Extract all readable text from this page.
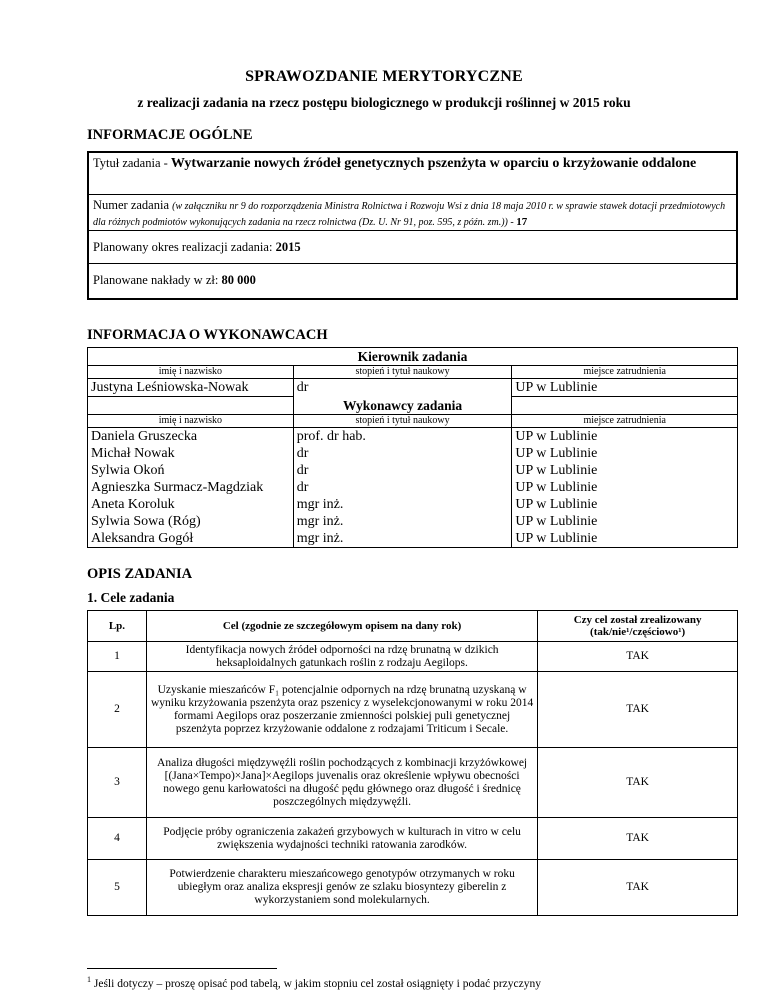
SPRAWOZDANIE MERYTORYCZNE
z realizacji zadania na rzecz postępu biologicznego w produkcji roślinnej w 2015 roku
INFORMACJE OGÓLNE
Tytuł zadania - Wytwarzanie nowych źródeł genetycznych pszenżyta w oparciu o krzyżowanie oddalone
Numer zadania (w załączniku nr 9 do rozporządzenia Ministra Rolnictwa i Rozwoju Wsi z dnia 18 maja 2010 r. w sprawie stawek dotacji przedmiotowych dla różnych podmiotów wykonujących zadania na rzecz rolnictwa (Dz. U. Nr 91, poz. 595, z późn. zm.)) - 17
Planowany okres realizacji zadania: 2015
Planowane nakłady w zł: 80 000
INFORMACJA O WYKONAWCACH
Kierownik zadania		
imię i nazwisko	stopień i tytuł naukowy	miejsce zatrudnienia
Justyna Leśniowska-Nowak	dr	UP w Lublinie
	Wykonawcy zadania	
imię i nazwisko	stopień i tytuł naukowy	miejsce zatrudnienia
Daniela Gruszecka	prof. dr hab.	UP w Lublinie
Michał Nowak	dr	UP w Lublinie
Sylwia Okoń	dr	UP w Lublinie
Agnieszka Surmacz-Magdziak	dr	UP w Lublinie
Aneta Koroluk	mgr inż.	UP w Lublinie
Sylwia Sowa (Róg)	mgr inż.	UP w Lublinie
Aleksandra Gogół	mgr inż.	UP w Lublinie
OPIS ZADANIA
1. Cele zadania
Lp.	Cel (zgodnie ze szczegółowym opisem na dany rok)	Czy cel został zrealizowany (tak/nie¹/częściowo¹)
1	Identyfikacja nowych źródeł odporności na rdzę brunatną w dzikich heksaploidalnych gatunkach roślin z rodzaju Aegilops.	TAK
2	Uzyskanie mieszańców F₁ potencjalnie odpornych na rdzę brunatną uzyskaną w wyniku krzyżowania pszenżyta oraz pszenicy z wyselekcjonowanymi w roku 2014 formami Aegilops oraz poszerzanie zmienności polskiej puli genetycznej pszenżyta poprzez krzyżowanie oddalone z rodzajami Triticum i Secale.	TAK
3	Analiza długości międzywęźli roślin pochodzących z kombinacji krzyżówkowej [(Jana×Tempo)×Jana]×Aegilops juvenalis oraz określenie wpływu obecności nowego genu karłowatości na długość pędu głównego oraz długość i średnicę poszczególnych międzywęźli.	TAK
4	Podjęcie próby ograniczenia zakażeń grzybowych w kulturach in vitro w celu zwiększenia wydajności techniki ratowania zarodków.	TAK
5	Potwierdzenie charakteru mieszańcowego genotypów otrzymanych w roku ubiegłym oraz analiza ekspresji genów ze szlaku biosyntezy giberelin z wykorzystaniem sond molekularnych.	TAK
$^1$ Jeśli dotyczy – proszę opisać pod tabelą, w jakim stopniu cel został osiągnięty i podać przyczyny
